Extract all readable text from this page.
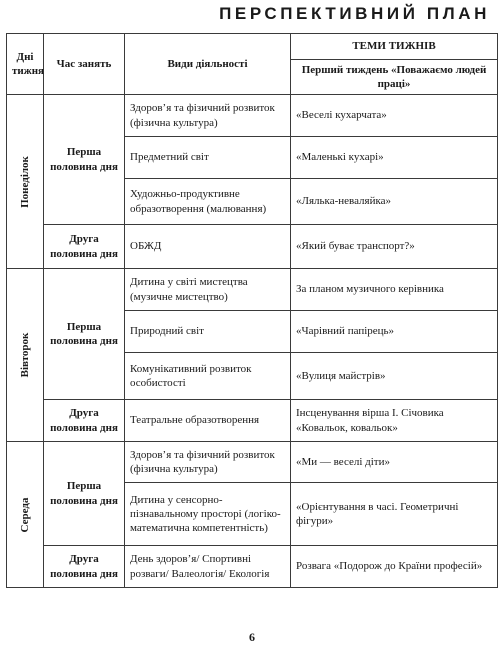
ПЕРСПЕКТИВНИЙ ПЛАН
Дні тижня	Час занять	Види діяльності	ТЕМИ ТИЖНІВ
			Перший тиждень «Поважаємо людей праці»

Понеділок	Перша половина дня	Здоров’я та фізичний розвиток (фізична культура)	«Веселі кухарчата»
		Предметний світ	«Маленькі кухарі»
		Художньо-продуктивне образотворення (малювання)	«Лялька-неваляйка»
	Друга половина дня	ОБЖД	«Який буває транспорт?»

Вівторок	Перша половина дня	Дитина у світі мистецтва (музичне мистецтво)	За планом музичного керівника
		Природний світ	«Чарівний папірець»
		Комунікативний розвиток особистості	«Вулиця майстрів»
	Друга половина дня	Театральне образотворення	Інсценування вірша І. Січовика «Ковальок, ковальок»

Середа	Перша половина дня	Здоров’я та фізичний розвиток (фізична культура)	«Ми — веселі діти»
		Дитина у сенсорно-пізнавальному просторі (логіко-математична компетентність)	«Орієнтування в часі. Геометричні фігури»
	Друга половина дня	День здоров’я/ Спортивні розваги/ Валеологія/ Екологія	Розвага «Подорож до Країни професій»
6
